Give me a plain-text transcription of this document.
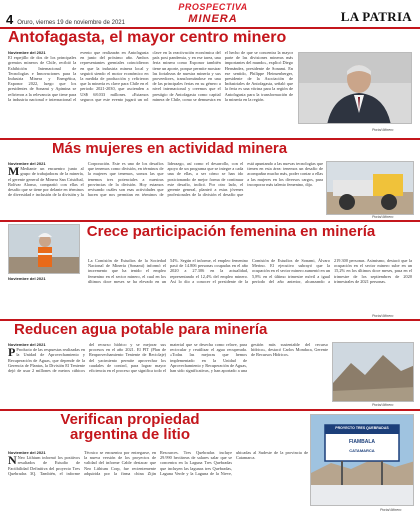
4 Oruro, viernes 19 de noviembre de 2021
PROSPECTIVA
MINERA	LA PATRIA
Antofagasta, el mayor centro minero
Noviembre del 2021
El espejillo de dos de los principales gremios mineros de Chile, recibió la Exhibición Internacional de Tecnologías e Innovaciones para la Industria Minera y Energética, Exponor 2022, luego que los presidentes de Sonami y Apimina se refirieron a la relevancia que tiene para la industria nacional e internacional el evento que realizarán en Antofagasta en junio del próximo año. Ambos representantes gremiales coincidieron en que la industria minera local y seguirá siendo el motor económico en la medida de producción y refirieron que la minería es clave para Chile en el periodo 2021-2030, que ascienden a US$ 68.033 millones. «Estamos seguros que este evento jugará un rol clave en la reactivación económica del país post pandemia, y en ese tarea, una feria minera como Exponor también tiene un aporte, porque permite mostrar las fortalezas de nuestra minería y sus proveedores, transformándose en una de las principales ferias en su género a nivel internacional y creemos que el prestigio de Antofagasta como capital minera de Chile, como se demuestra en el hecho de que se concentra la mayor parte de las divisiones mineras más importantes del mundo», explicó Diego Hernández, presidente de Sonami. En ese sentido, Philippe Heinsenberger, presidente de la Asociación de Industriales de Antofagasta, señaló que la feria es una vitrina para la región de Antofagasta para la transformación de la minería en la región.
Portal Minero
Más mujeres en actividad minera
Noviembre del 2021
M Mediante un encuentro junto al grupo de trabajadoras de la minería, el gerente general de Minera San Cristóbal, Bolívar Alonso, compartió con ellas el desafío que se tiene por delante en términos de diversidad e inclusión de la división y la Corporación. Este es uno de los desafíos que tenemos como división, en términos de la mujeres que tenemos, somos las que tenemos tres potenciales a nuestras provincias de la división. Hoy estamos revisando cuáles son esas actividades que hacen que nos permitan en términos de liderazgo, así como el desarrollo, con el apoyo de un programa que se integre a cada una de ellas, a ser cómo se han ido posicionando de mejor forma de continuar este desafío, indicó. Por otro lado, el gerente general, planteó a estas jóvenes profesionales de la división el desafío que está apuntando a las nuevas tecnologías que tienen en esta área: tenemos un desafío de acompañar mucho más, poder contar a ellas a las mujeres en los diversos cargos, para incorporar más talento femenino, dijo.
Portal Minero
Crece participación femenina en minería
Noviembre del 2021
La Comisión de Estudios de la Sociedad Nacional de Minería (Sonami) informó el incremento que ha tenido el empleo femenino en el sector minero, el cual en los últimos doce meses se ha elevado en un 54%. Según el informe, el empleo femenino pasó de 14.806 personas ocupadas en el año 2020 a 27.306 en la actualidad, representando el 12,4% del empleo minero. Así lo dio a conocer el presidente de la Comisión de Estudios de Sonami, Álvaro Merino. El ejecutivo subrayó que la ocupación en el sector minero aumentó en un 5,8% en el último trimestre móvil a igual período del año anterior, alcanzando a 219.300 personas. Asimismo, destacó que la ocupación en el sector minero sube en un 15,2% en los últimos doce meses, pasa en el trimestre de los septiembres de 2020 trimestrales de 2021 personas.
Portal Minero
Reducen agua potable para minería
Noviembre del 2021
P Producto de las respuestas realizadas en la Unidad de Aprovechamiento y Recuperación de Aguas, que depende de la Gerencia de Plantas, la División El Teniente dejó de usar 2 millones de metros cúbicos del recurso hídrico y se mejorar sus procesos en el año 2021. El PIT (Plan de Reaprovechamiento Teniente de Reciclaje) del yacimiento permite aprovechar los caudales de control, para lograr mayor eficiencia en el proceso que significa todo el material que se desecha como relave, para recircular y reutilizar el agua recuperada. «Todas las mejoras que hemos implementado en la Unidad de Aprovechamiento y Recuperación de Aguas, han sido significativas, y han aportado a una gestión más sustentable del recurso hídrico», destacó Carlos Mondaca, Gerente de Recursos Hídricos.
Portal Minero
Verifican propiedad argentina de litio
Noviembre del 2021
N Neo Lithium informó los positivos resultados de Estudio de Factibilidad Definitiva del proyecto Tres Quebradas 3Q. También, el informe Técnico se encuentra por entregarse, en la nueva versión de los proyectos de validad del informe Cable destacar que Neo Lithium Corp, fue recientemente adquirida por la firma china Zijin Resources. Tres Quebradas incluye 29.990 hectáreas de salares salar que se concentra en la Laguna Tres Quebradas que incluyen las lagunas tres Quebradas, Laguna Verde y la Laguna de la Nieve, ubicadas al Sudeste de la provincia de Catamarca.
PROYECTO TRES QUEBRADAS
FIAMBALA
CATAMARCA
Portal Minero
